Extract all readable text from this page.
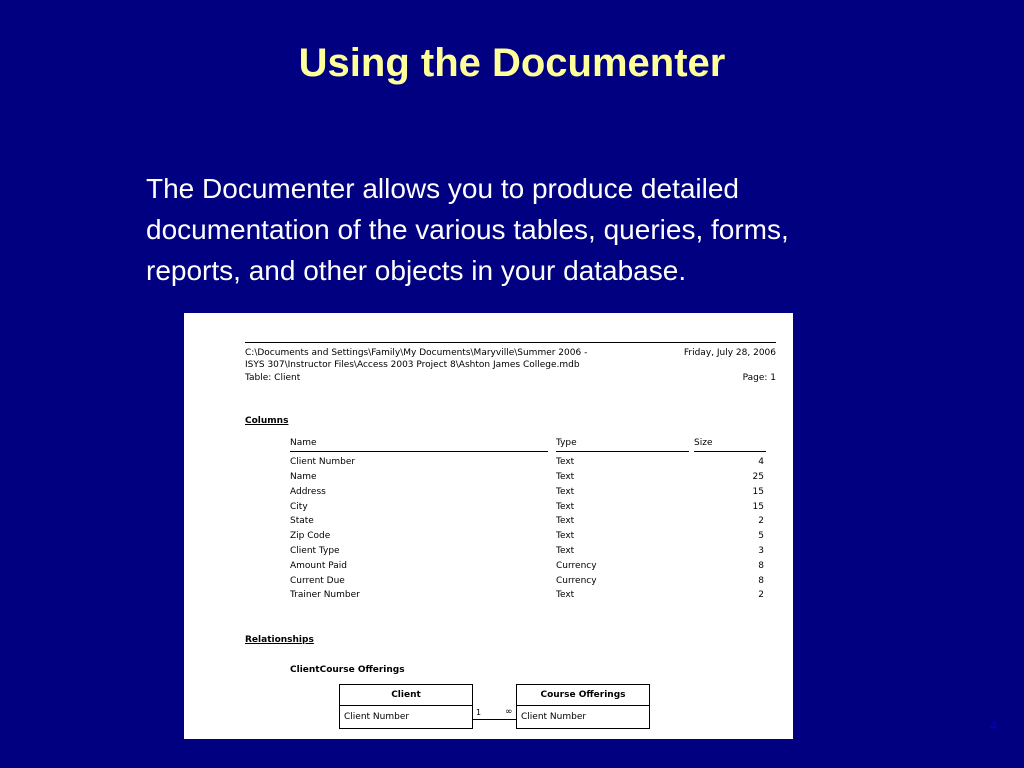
Using the Documenter
The Documenter allows you to produce detailed
documentation of the various tables, queries, forms,
reports, and other objects in your database.
C:\Documents and Settings\Family\My Documents\Maryville\Summer 2006 -
ISYS 307\Instructor Files\Access 2003 Project 8\Ashton James College.mdb
Table: Client
Friday, July 28, 2006
Page: 1
Columns
Name	Type	Size
Client Number	Text	4
Name	Text	25
Address	Text	15
City	Text	15
State	Text	2
Zip Code	Text	5
Client Type	Text	3
Amount Paid	Currency	8
Current Due	Currency	8
Trainer Number	Text	2
Relationships
ClientCourse Offerings
Client
Client Number
Course Offerings
Client Number
1	∞
4
